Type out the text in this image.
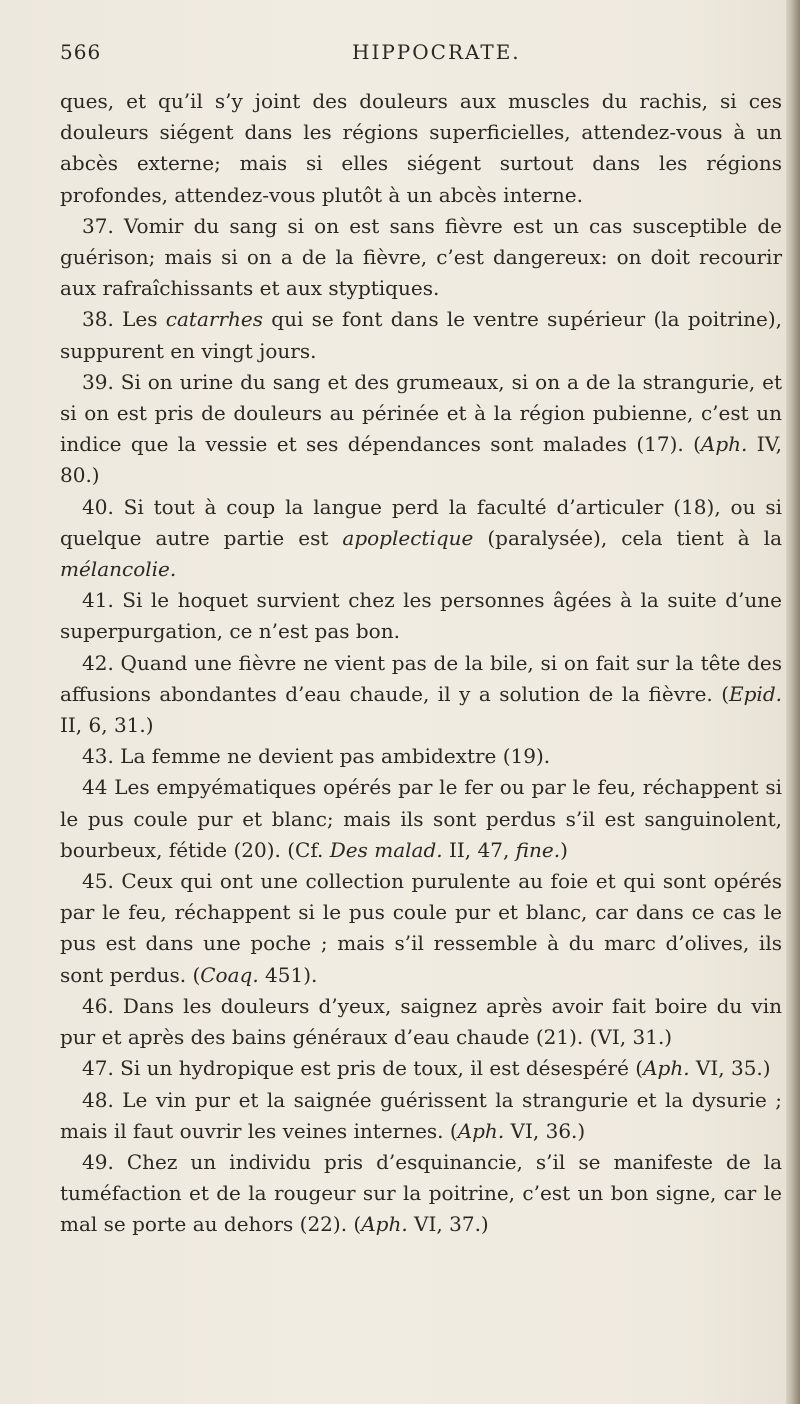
566	HIPPOCRATE.

ques, et qu’il s’y joint des douleurs aux muscles du rachis, si ces douleurs siégent dans les régions superficielles, attendez-vous à un abcès externe; mais si elles siégent surtout dans les régions profondes, attendez-vous plutôt à un abcès interne.

37. Vomir du sang si on est sans fièvre est un cas susceptible de guérison; mais si on a de la fièvre, c’est dangereux: on doit recourir aux rafraîchissants et aux styptiques.

38. Les catarrhes qui se font dans le ventre supérieur (la poitrine), suppurent en vingt jours.

39. Si on urine du sang et des grumeaux, si on a de la strangurie, et si on est pris de douleurs au périnée et à la région pubienne, c’est un indice que la vessie et ses dépendances sont malades (17). (Aph. IV, 80.)

40. Si tout à coup la langue perd la faculté d’articuler (18), ou si quelque autre partie est apoplectique (paralysée), cela tient à la mélancolie.

41. Si le hoquet survient chez les personnes âgées à la suite d’une superpurgation, ce n’est pas bon.

42. Quand une fièvre ne vient pas de la bile, si on fait sur la tête des affusions abondantes d’eau chaude, il y a solution de la fièvre. (Epid. II, 6, 31.)

43. La femme ne devient pas ambidextre (19).

44 Les empyématiques opérés par le fer ou par le feu, réchappent si le pus coule pur et blanc; mais ils sont perdus s’il est sanguinolent, bourbeux, fétide (20). (Cf. Des malad. II, 47, fine.)

45. Ceux qui ont une collection purulente au foie et qui sont opérés par le feu, réchappent si le pus coule pur et blanc, car dans ce cas le pus est dans une poche ; mais s’il ressemble à du marc d’olives, ils sont perdus. (Coaq. 451).

46. Dans les douleurs d’yeux, saignez après avoir fait boire du vin pur et après des bains généraux d’eau chaude (21). (VI, 31.)

47. Si un hydropique est pris de toux, il est désespéré (Aph. VI, 35.)

48. Le vin pur et la saignée guérissent la strangurie et la dysurie ; mais il faut ouvrir les veines internes. (Aph. VI, 36.)

49. Chez un individu pris d’esquinancie, s’il se manifeste de la tuméfaction et de la rougeur sur la poitrine, c’est un bon signe, car le mal se porte au dehors (22). (Aph. VI, 37.)
